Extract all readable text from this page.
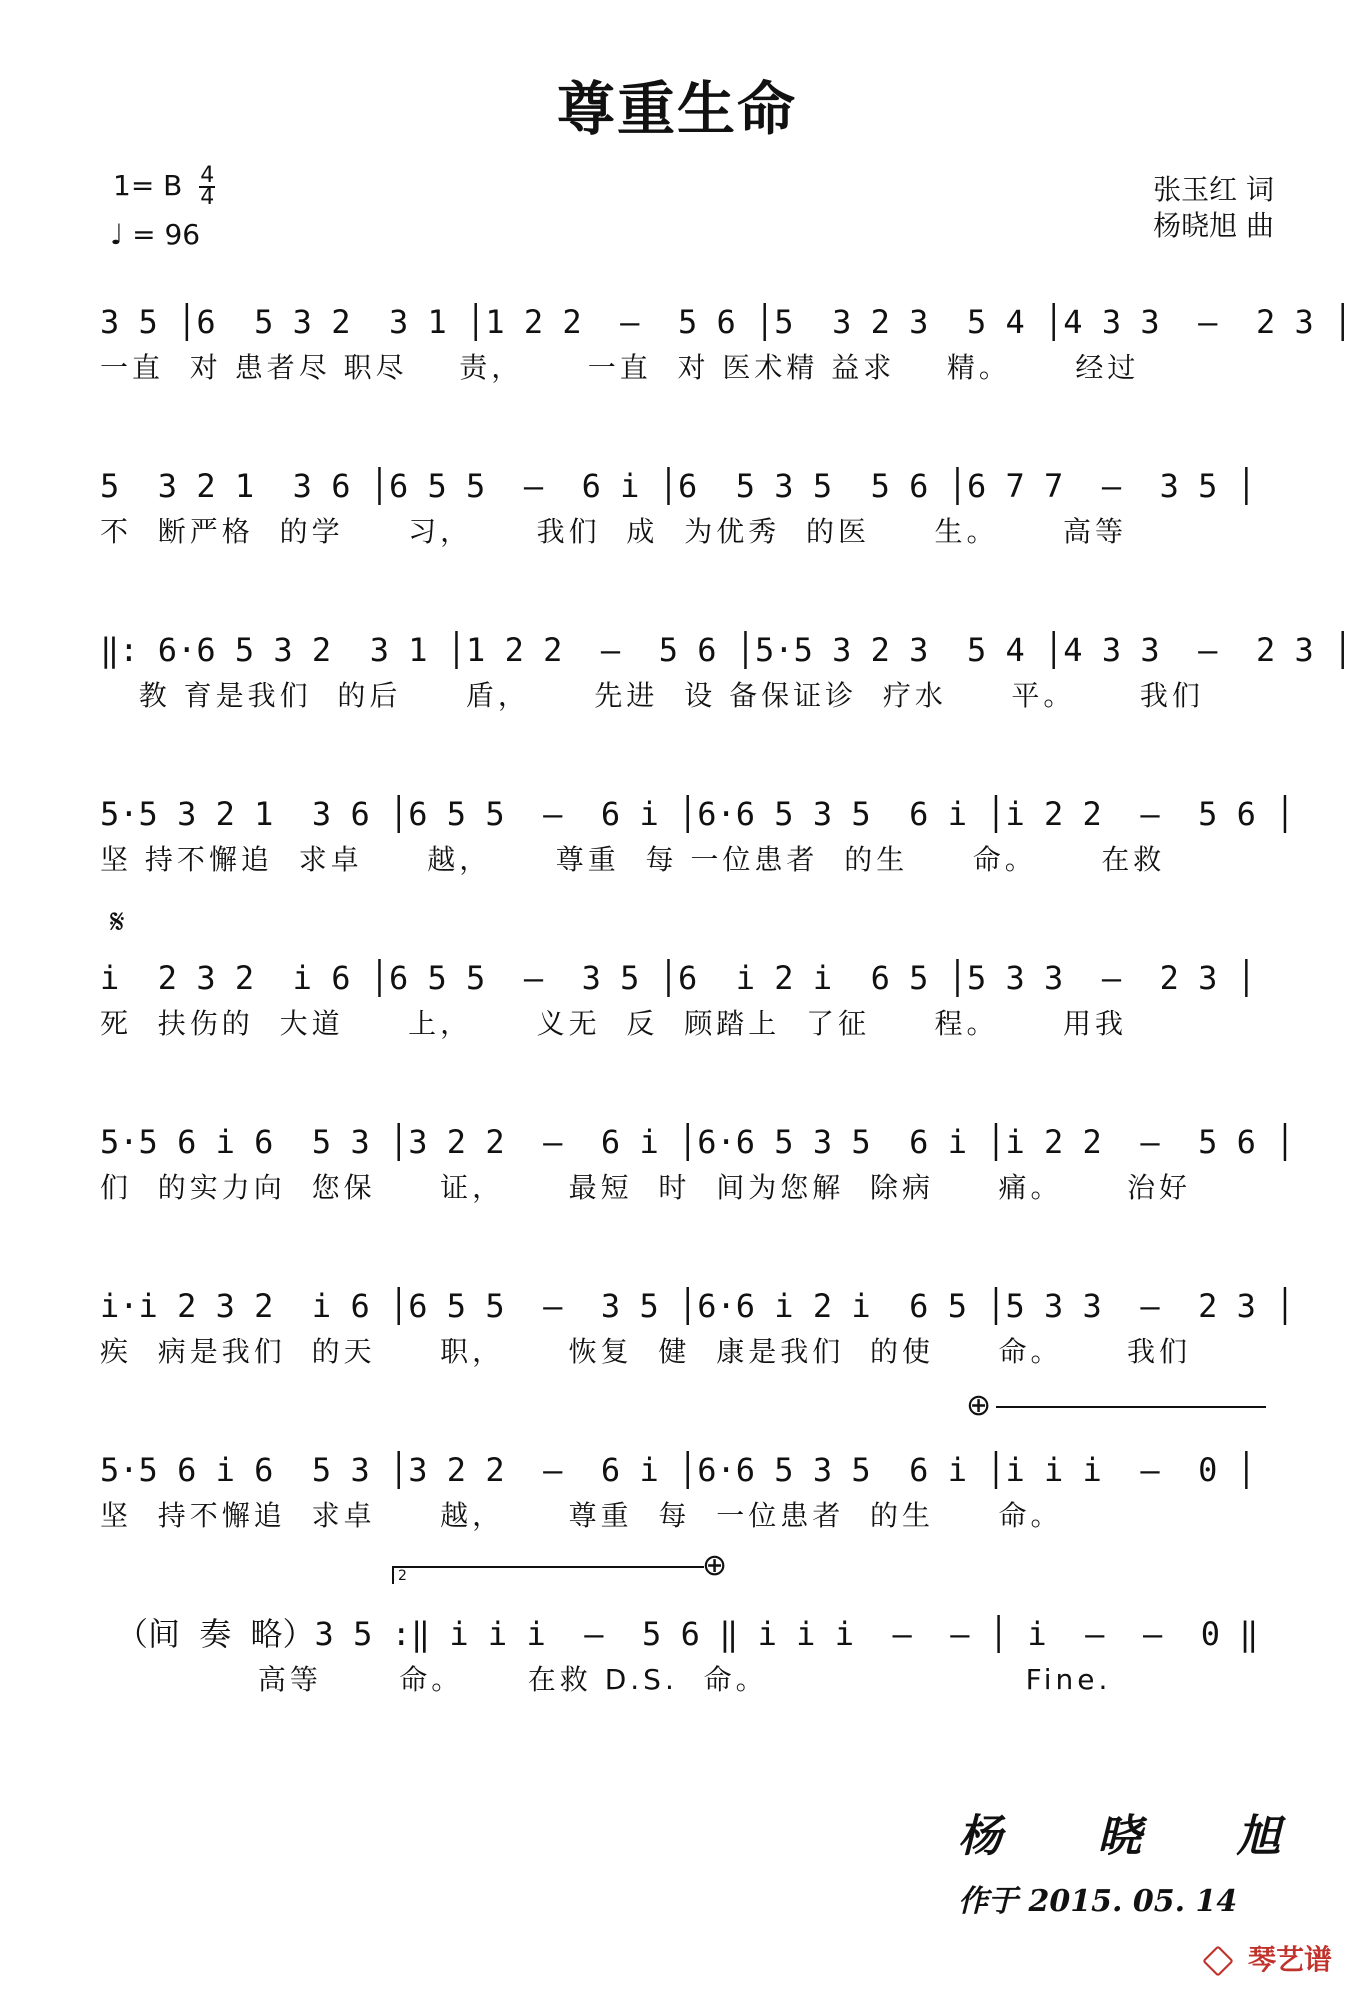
尊重生命
1= B $\frac{4}{4}$
♩ = 96
张玉红 词
杨晓旭 曲
3 5 │6  5 3 2  3 1 │1 2 2  –  5 6 │5  3 2 3  5 4 │4 3 3  –  2 3 │
一直  对 患者尽 职尽    责，     一直  对 医术精 益求    精。     经过
5  3 2 1  3 6 │6 5 5  –  6 i │6  5 3 5  5 6 │6 7 7  –  3 5 │
不  断严格  的学     习，     我们  成  为优秀  的医     生。     高等
‖: 6·6 5 3 2  3 1 │1 2 2  –  5 6 │5·5 3 2 3  5 4 │4 3 3  –  2 3 │
教 育是我们  的后     盾，     先进  设 备保证诊  疗水     平。     我们
5·5 3 2 1  3 6 │6 5 5  –  6 i │6·6 5 3 5  6 i │i 2 2  –  5 6 │
坚 持不懈追  求卓     越，     尊重  每 一位患者  的生     命。     在救
𝄋
i  2 3 2  i 6 │6 5 5  –  3 5 │6  i 2 i  6 5 │5 3 3  –  2 3 │
死  扶伤的  大道     上，     义无  反  顾踏上  了征     程。     用我
5·5 6 i 6  5 3 │3 2 2  –  6 i │6·6 5 3 5  6 i │i 2 2  –  5 6 │
们  的实力向  您保     证，     最短  时  间为您解  除病     痛。     治好
i·i 2 3 2  i 6 │6 5 5  –  3 5 │6·6 i 2 i  6 5 │5 3 3  –  2 3 │
疾  病是我们  的天     职，     恢复  健  康是我们  的使     命。     我们
⊕
5·5 6 i 6  5 3 │3 2 2  –  6 i │6·6 5 3 5  6 i │i i i  –  0 │
坚  持不懈追  求卓     越，     尊重  每  一位患者  的生     命。
2	⊕
（间 奏 略）3 5 :‖ i i i  –  5 6 ‖ i i i  –  – │ i  –  –  0 ‖
高等      命。     在救 D.S.  命。                    Fine.
杨 晓 旭
作于 2015. 05. 14
琴艺谱
